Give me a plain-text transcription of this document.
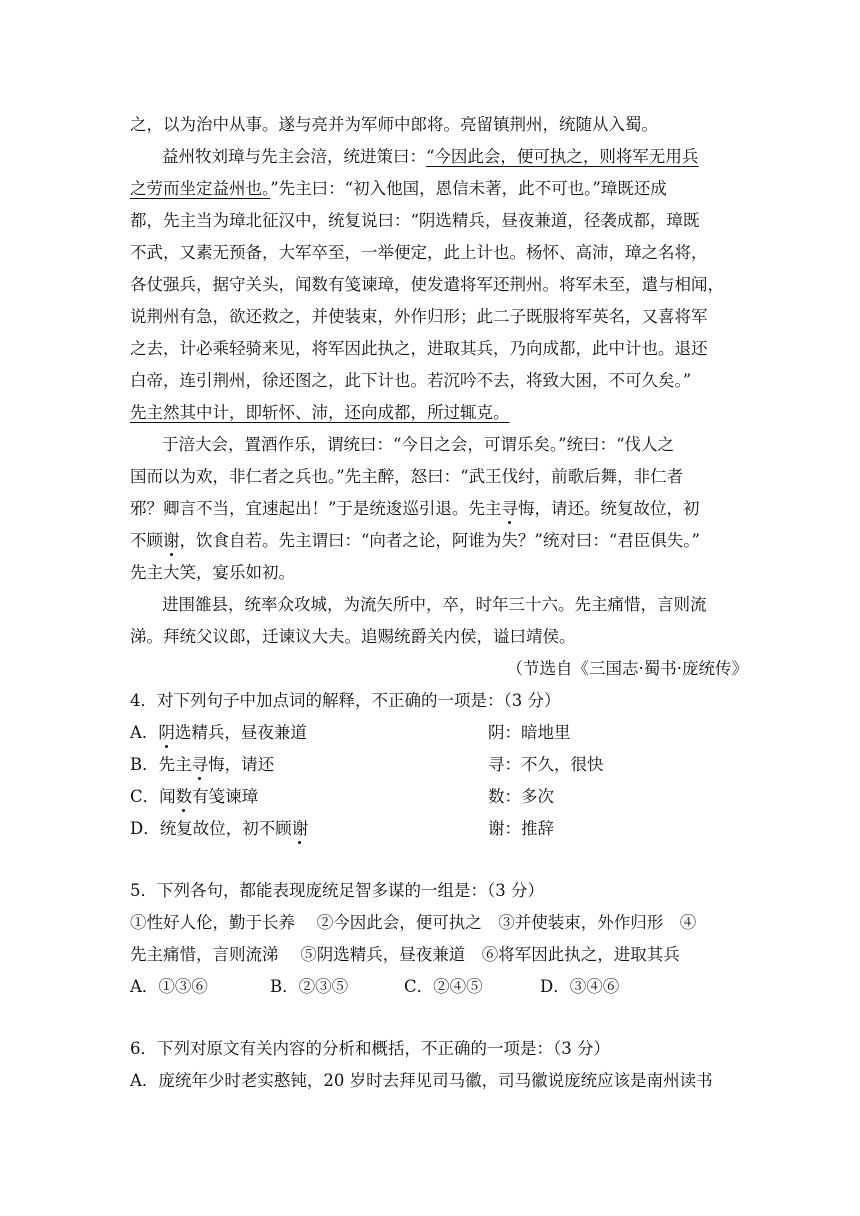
之，以为治中从事。遂与亮并为军师中郎将。亮留镇荆州，统随从入蜀。
益州牧刘璋与先主会涪，统进策曰：“今因此会，便可执之，则将军无用兵
之劳而坐定益州也。”先主曰：“初入他国，恩信未著，此不可也。”璋既还成
都，先主当为璋北征汉中，统复说曰：“阴选精兵，昼夜兼道，径袭成都，璋既
不武，又素无预备，大军卒至，一举便定，此上计也。杨怀、高沛，璋之名将，
各仗强兵，据守关头，闻数有笺谏璋，使发遣将军还荆州。将军未至，遣与相闻，
说荆州有急，欲还救之，并使装束，外作归形；此二子既服将军英名，又喜将军
之去，计必乘轻骑来见，将军因此执之，进取其兵，乃向成都，此中计也。退还
白帝，连引荆州，徐还图之，此下计也。若沉吟不去，将致大困，不可久矣。”
先主然其中计，即斩怀、沛，还向成都，所过辄克。
于涪大会，置酒作乐，谓统曰：“今日之会，可谓乐矣。”统曰：“伐人之
国而以为欢，非仁者之兵也。”先主醉，怒曰：“武王伐纣，前歌后舞，非仁者
邪？卿言不当，宜速起出！”于是统逡巡引退。先主寻悔，请还。统复故位，初
不顾谢，饮食自若。先主谓曰：“向者之论，阿谁为失？”统对曰：“君臣俱失。”
先主大笑，宴乐如初。
进围雒县，统率众攻城，为流矢所中，卒，时年三十六。先主痛惜，言则流
涕。拜统父议郎，迁谏议大夫。追赐统爵关内侯，谥曰靖侯。
（节选自《三国志·蜀书·庞统传》
4．对下列句子中加点词的解释，不正确的一项是：（3 分）
A．阴选精兵，昼夜兼道	阴：暗地里
B．先主寻悔，请还	寻：不久，很快
C．闻数有笺谏璋	数：多次
D．统复故位，初不顾谢	谢：推辞
5．下列各句，都能表现庞统足智多谋的一组是：（3 分）
①性好人伦，勤于长养　 ②今因此会，便可执之　③并使装束，外作归形　④
先主痛惜，言则流涕　 ⑤阴选精兵，昼夜兼道　⑥将军因此执之，进取其兵
A．①③⑥	B．②③⑤	C．②④⑤	D．③④⑥
6．下列对原文有关内容的分析和概括，不正确的一项是：（3 分）
A．庞统年少时老实憨钝，20 岁时去拜见司马徽，司马徽说庞统应该是南州读书
